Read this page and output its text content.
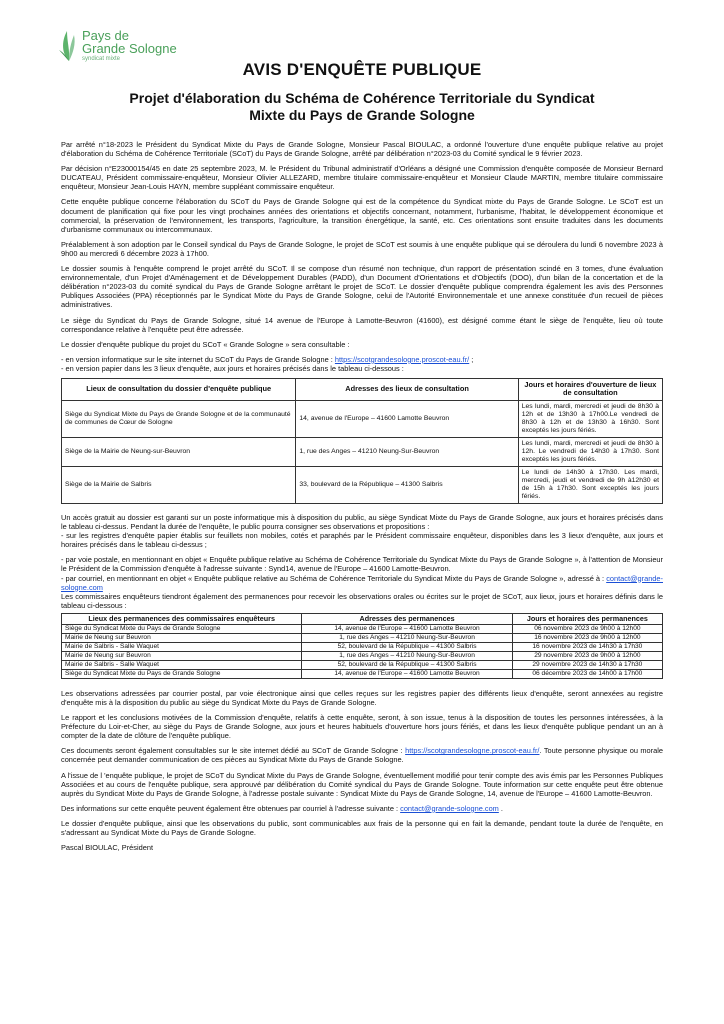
Pays de
Grande Sologne
syndicat mixte
AVIS D'ENQUÊTE PUBLIQUE
Projet d'élaboration du Schéma de Cohérence Territoriale du Syndicat Mixte du Pays de Grande Sologne

Par arrêté n°18-2023 le Président du Syndicat Mixte du Pays de Grande Sologne, Monsieur Pascal BIOULAC, a ordonné l'ouverture d'une enquête publique relative au projet d'élaboration du Schéma de Cohérence Territoriale (SCoT) du Pays de Grande Sologne, arrêté par délibération n°2023-03 du Comité syndical le 9 février 2023.

Par décision n°E23000154/45 en date 25 septembre 2023, M. le Président du Tribunal administratif d'Orléans a désigné une Commission d'enquête composée de Monsieur Bernard DUCATEAU, Président commissaire-enquêteur, Monsieur Olivier ALLEZARD, membre titulaire commissaire-enquêteur et Monsieur Claude MARTIN, membre titulaire commissaire enquêteur, Monsieur Jean-Louis HAYN, membre suppléant commissaire enquêteur.

Cette enquête publique concerne l'élaboration du SCoT du Pays de Grande Sologne qui est de la compétence du Syndicat mixte du Pays de Grande Sologne. Le SCoT est un document de planification qui fixe pour les vingt prochaines années des orientations et objectifs concernant, notamment, l'urbanisme, l'habitat, le développement économique et commercial, la préservation de l'environnement, les transports, l'agriculture, la transition énergétique, la santé, etc. Ces orientations sont ensuite traduites dans les documents d'urbanisme communaux ou intercommunaux.

Préalablement à son adoption par le Conseil syndical du Pays de Grande Sologne, le projet de SCoT est soumis à une enquête publique qui se déroulera du lundi 6 novembre 2023 à 9h00 au mercredi 6 décembre 2023 à 17h00.

Le dossier soumis à l'enquête comprend le projet arrêté du SCoT. Il se compose d'un résumé non technique, d'un rapport de présentation scindé en 3 tomes, d'une évaluation environnementale, d'un Projet d'Aménagement et de Développement Durables (PADD), d'un Document d'Orientations et d'Objectifs (DOO), d'un bilan de la concertation et de la délibération n°2023-03 du comité syndical du Pays de Grande Sologne arrêtant le projet de SCoT. Le dossier d'enquête publique comprendra également les avis des Personnes Publiques Associées (PPA) réceptionnés par le Syndicat Mixte du Pays de Grande Sologne, celui de l'Autorité Environnementale et une annexe constituée d'un recueil de pièces administratives.

Le siège du Syndicat du Pays de Grande Sologne, situé 14 avenue de l'Europe à Lamotte-Beuvron (41600), est désigné comme étant le siège de l'enquête, lieu où toute correspondance relative à l'enquête peut être adressée.

Le dossier d'enquête publique du projet du SCoT « Grande Sologne » sera consultable :

- en version informatique sur le site internet du SCoT du Pays de Grande Sologne : https://scotgrandesologne.proscot-eau.fr/ ;

- en version papier dans les 3 lieux d'enquête, aux jours et horaires précisés dans le tableau ci-dessous :

Lieux de consultation du dossier d'enquête publique	Adresses des lieux de consultation	Jours et horaires d'ouverture de lieux de consultation
Siège du Syndicat Mixte du Pays de Grande Sologne et de la communauté de communes de Cœur de Sologne	14, avenue de l'Europe – 41600 Lamotte Beuvron	Les lundi, mardi, mercredi et jeudi de 8h30 à 12h et de 13h30 à 17h00.Le vendredi de 8h30 à 12h et de 13h30 à 16h30. Sont exceptés les jours fériés.
Siège de la Mairie de Neung-sur-Beuvron	1, rue des Anges – 41210 Neung-Sur-Beuvron	Les lundi, mardi, mercredi et jeudi de 8h30 à 12h. Le vendredi de 14h30 à 17h30. Sont exceptés les jours fériés.
Siège de la Mairie de Salbris	33, boulevard de la République – 41300 Salbris	Le lundi de 14h30 à 17h30. Les mardi, mercredi, jeudi et vendredi de 9h à12h30 et de 15h à 17h30. Sont exceptés les jours fériés.

Un accès gratuit au dossier est garanti sur un poste informatique mis à disposition du public, au siège Syndicat Mixte du Pays de Grande Sologne, aux jours et horaires précisés dans le tableau ci-dessus. Pendant la durée de l'enquête, le public pourra consigner ses observations et propositions :

- sur les registres d'enquête papier établis sur feuillets non mobiles, cotés et paraphés par le Président commissaire enquêteur, disponibles dans les 3 lieux d'enquête, aux jours et horaires précisés dans le tableau ci-dessus ;

- par voie postale, en mentionnant en objet « Enquête publique relative au Schéma de Cohérence Territoriale du Syndicat Mixte du Pays de Grande Sologne », à l'attention de Monsieur le Président de la Commission d'enquête à l'adresse suivante : Synd14, avenue de l'Europe – 41600 Lamotte-Beuvron.

- par courriel, en mentionnant en objet « Enquête publique relative au Schéma de Cohérence Territoriale du Syndicat Mixte du Pays de Grande Sologne », adressé à : contact@grande-sologne.com

Les commissaires enquêteurs tiendront également des permanences pour recevoir les observations orales ou écrites sur le projet de SCoT, aux lieux, jours et horaires définis dans le tableau ci-dessous :

Lieux des permanences des commissaires enquêteurs	Adresses des permanences	Jours et horaires des permanences
Siège du Syndicat Mixte du Pays de Grande Sologne	14, avenue de l'Europe – 41600 Lamotte Beuvron	06 novembre 2023 de 9h00 à 12h00
Mairie de Neung sur Beuvron	1, rue des Anges – 41210 Neung-Sur-Beuvron	16 novembre 2023 de 9h00 à 12h00
Mairie de Salbris - Salle Waquet	52, boulevard de la République – 41300 Salbris	16 novembre 2023 de 14h30 à 17h30
Mairie de Neung sur Beuvron	1, rue des Anges – 41210 Neung-Sur-Beuvron	29 novembre 2023 de 9h00 à 12h00
Mairie de Salbris - Salle Waquet	52, boulevard de la République – 41300 Salbris	29 novembre 2023 de 14h30 à 17h30
Siège du Syndicat Mixte du Pays de Grande Sologne	14, avenue de l'Europe – 41600 Lamotte Beuvron	06 décembre 2023 de 14h00 à 17h00

Les observations adressées par courrier postal, par voie électronique ainsi que celles reçues sur les registres papier des différents lieux d'enquête, seront annexées au registre d'enquête mis à la disposition du public au siège du Syndicat Mixte du Pays de Grande Sologne.

Le rapport et les conclusions motivées de la Commission d'enquête, relatifs à cette enquête, seront, à son issue, tenus à la disposition de toutes les personnes intéressées, à la Préfecture du Loir-et-Cher, au siège du Pays de Grande Sologne, aux jours et heures habituels d'ouverture hors jours fériés, et dans les lieux d'enquête publique pendant un an à compter de la date de clôture de l'enquête publique.

Ces documents seront également consultables sur le site internet dédié au SCoT de Grande Sologne : https://scotgrandesologne.proscot-eau.fr/. Toute personne physique ou morale concernée peut demander communication de ces pièces au Syndicat Mixte du Pays de Grande Sologne.

A l'issue de l 'enquête publique, le projet de SCoT du Syndicat Mixte du Pays de Grande Sologne, éventuellement modifié pour tenir compte des avis émis par les Personnes Publiques Associées et au cours de l'enquête publique, sera approuvé par délibération du Comité syndical du Pays de Grande Sologne. Toute information sur cette enquête peut être obtenue auprès du Syndicat Mixte du Pays de Grande Sologne, à l'adresse postale suivante : Syndicat Mixte du Pays de Grande Sologne, 14, avenue de l'Europe – 41600 Lamotte-Beuvron.

Des informations sur cette enquête peuvent également être obtenues par courriel à l'adresse suivante : contact@grande-sologne.com .

Le dossier d'enquête publique, ainsi que les observations du public, sont communicables aux frais de la personne qui en fait la demande, pendant toute la durée de l'enquête, en s'adressant au Syndicat Mixte du Pays de Grande Sologne.

Pascal BIOULAC, Président
